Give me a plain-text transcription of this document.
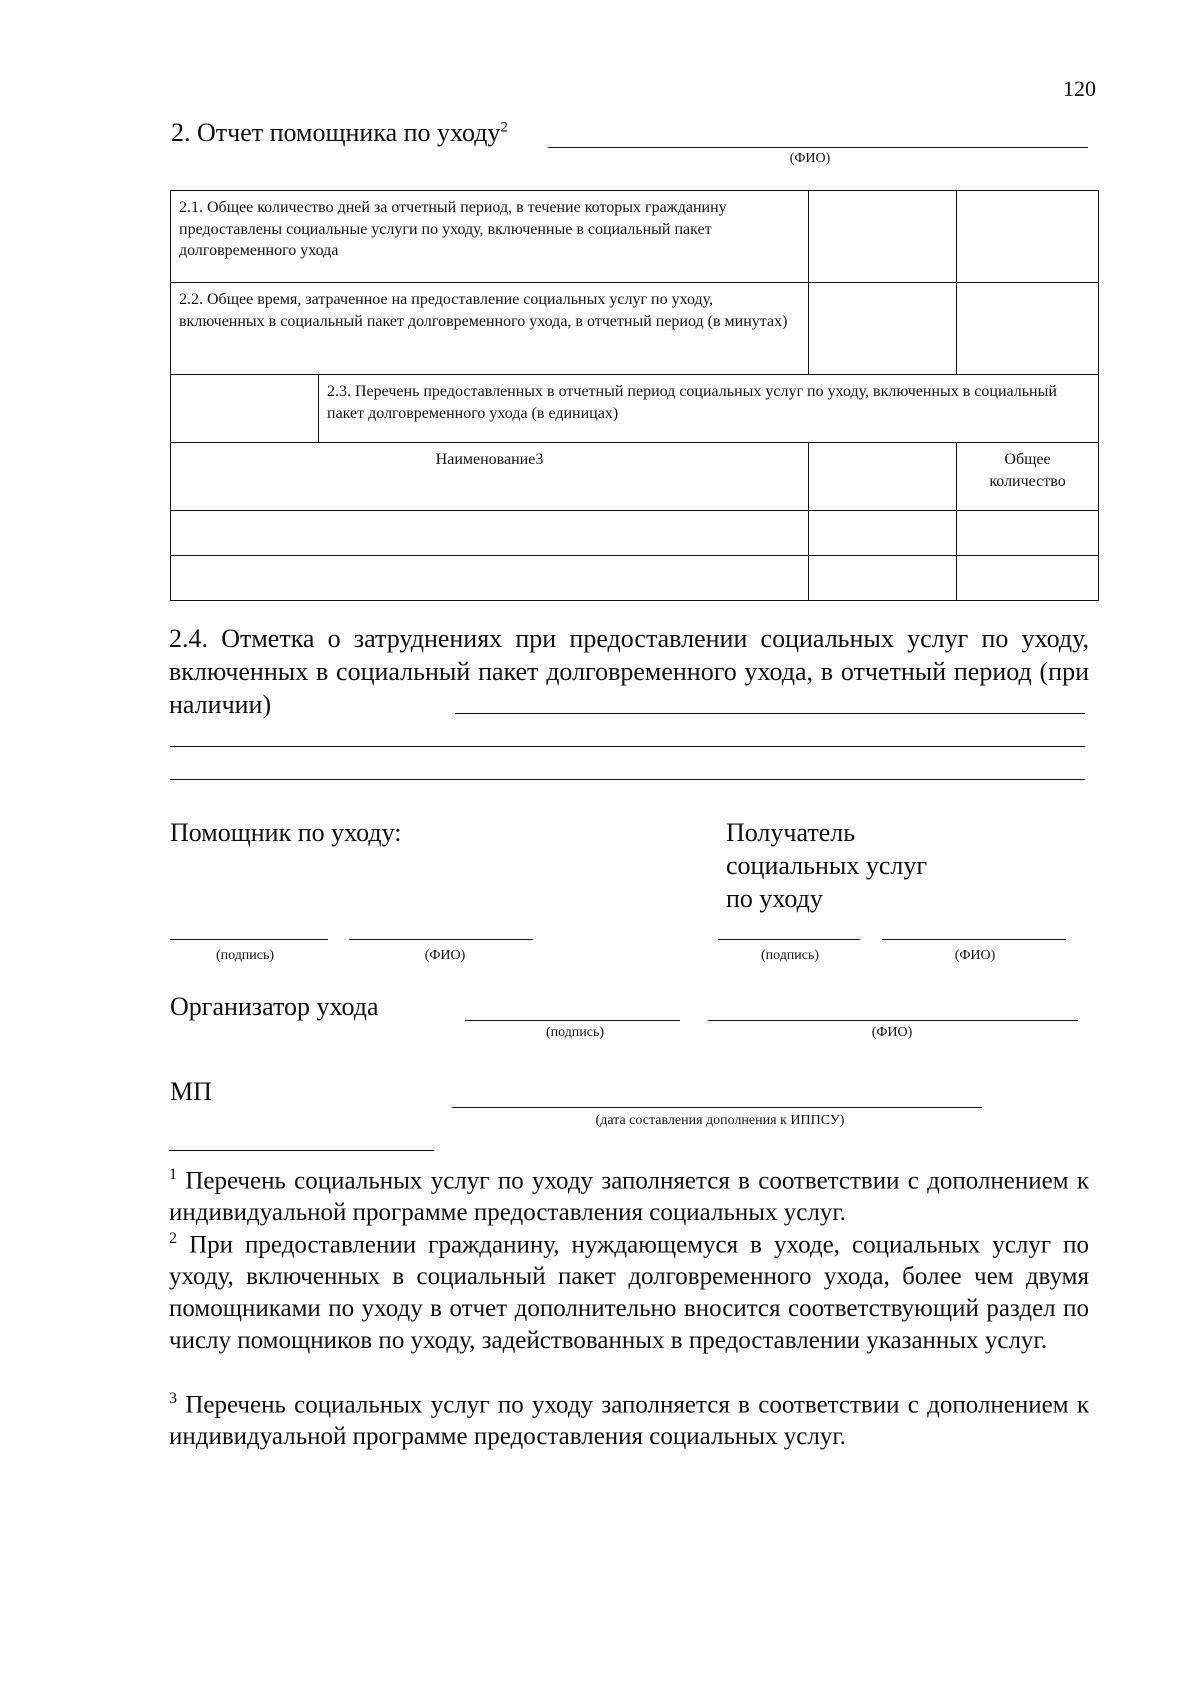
120
2. Отчет помощника по уходу$^2$
(ФИО)
2.1. Общее количество дней за отчетный период, в течение которых гражданину предоставлены социальные услуги по уходу, включенные в социальный пакет долговременного ухода			
2.2. Общее время, затраченное на предоставление социальных услуг по уходу, включенных в социальный пакет долговременного ухода, в отчетный период (в минутах)			
	2.3. Перечень предоставленных в отчетный период социальных услуг по уходу, включенных в социальный пакет долговременного ухода (в единицах)		
Наименование3			Общее количество

2.4. Отметка о затруднениях при предоставлении социальных услуг по уходу, включенных в социальный пакет долговременного ухода, в отчетный период (при наличии)
Помощник по уходу:	Получатель
социальных услуг
по уходу
(подпись)	(ФИО)	(подпись)	(ФИО)
Организатор ухода
(подпись)	(ФИО)
МП
(дата составления дополнения к ИППСУ)
$^1$ Перечень социальных услуг по уходу заполняется в соответствии с дополнением к индивидуальной программе предоставления социальных услуг.
$^2$ При предоставлении гражданину, нуждающемуся в уходе, социальных услуг по уходу, включенных в социальный пакет долговременного ухода, более чем двумя помощниками по уходу в отчет дополнительно вносится соответствующий раздел по числу помощников по уходу, задействованных в предоставлении указанных услуг.
$^3$ Перечень социальных услуг по уходу заполняется в соответствии с дополнением к индивидуальной программе предоставления социальных услуг.
